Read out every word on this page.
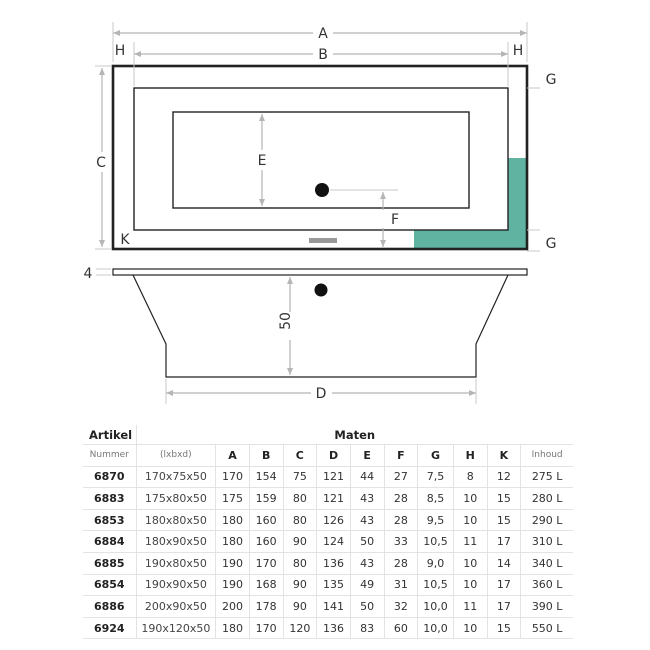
A
B
H	H
C	E
F
G
G
K
4
50
D
Artikel	Maten										
Nummer	(lxbxd)	A	B	C	D	E	F	G	H	K	Inhoud
6870	170x75x50	170	154	75	121	44	27	7,5	8	12	275 L
6883	175x80x50	175	159	80	121	43	28	8,5	10	15	280 L
6853	180x80x50	180	160	80	126	43	28	9,5	10	15	290 L
6884	180x90x50	180	160	90	124	50	33	10,5	11	17	310 L
6885	190x80x50	190	170	80	136	43	28	9,0	10	14	340 L
6854	190x90x50	190	168	90	135	49	31	10,5	10	17	360 L
6886	200x90x50	200	178	90	141	50	32	10,0	11	17	390 L
6924	190x120x50	180	170	120	136	83	60	10,0	10	15	550 L
